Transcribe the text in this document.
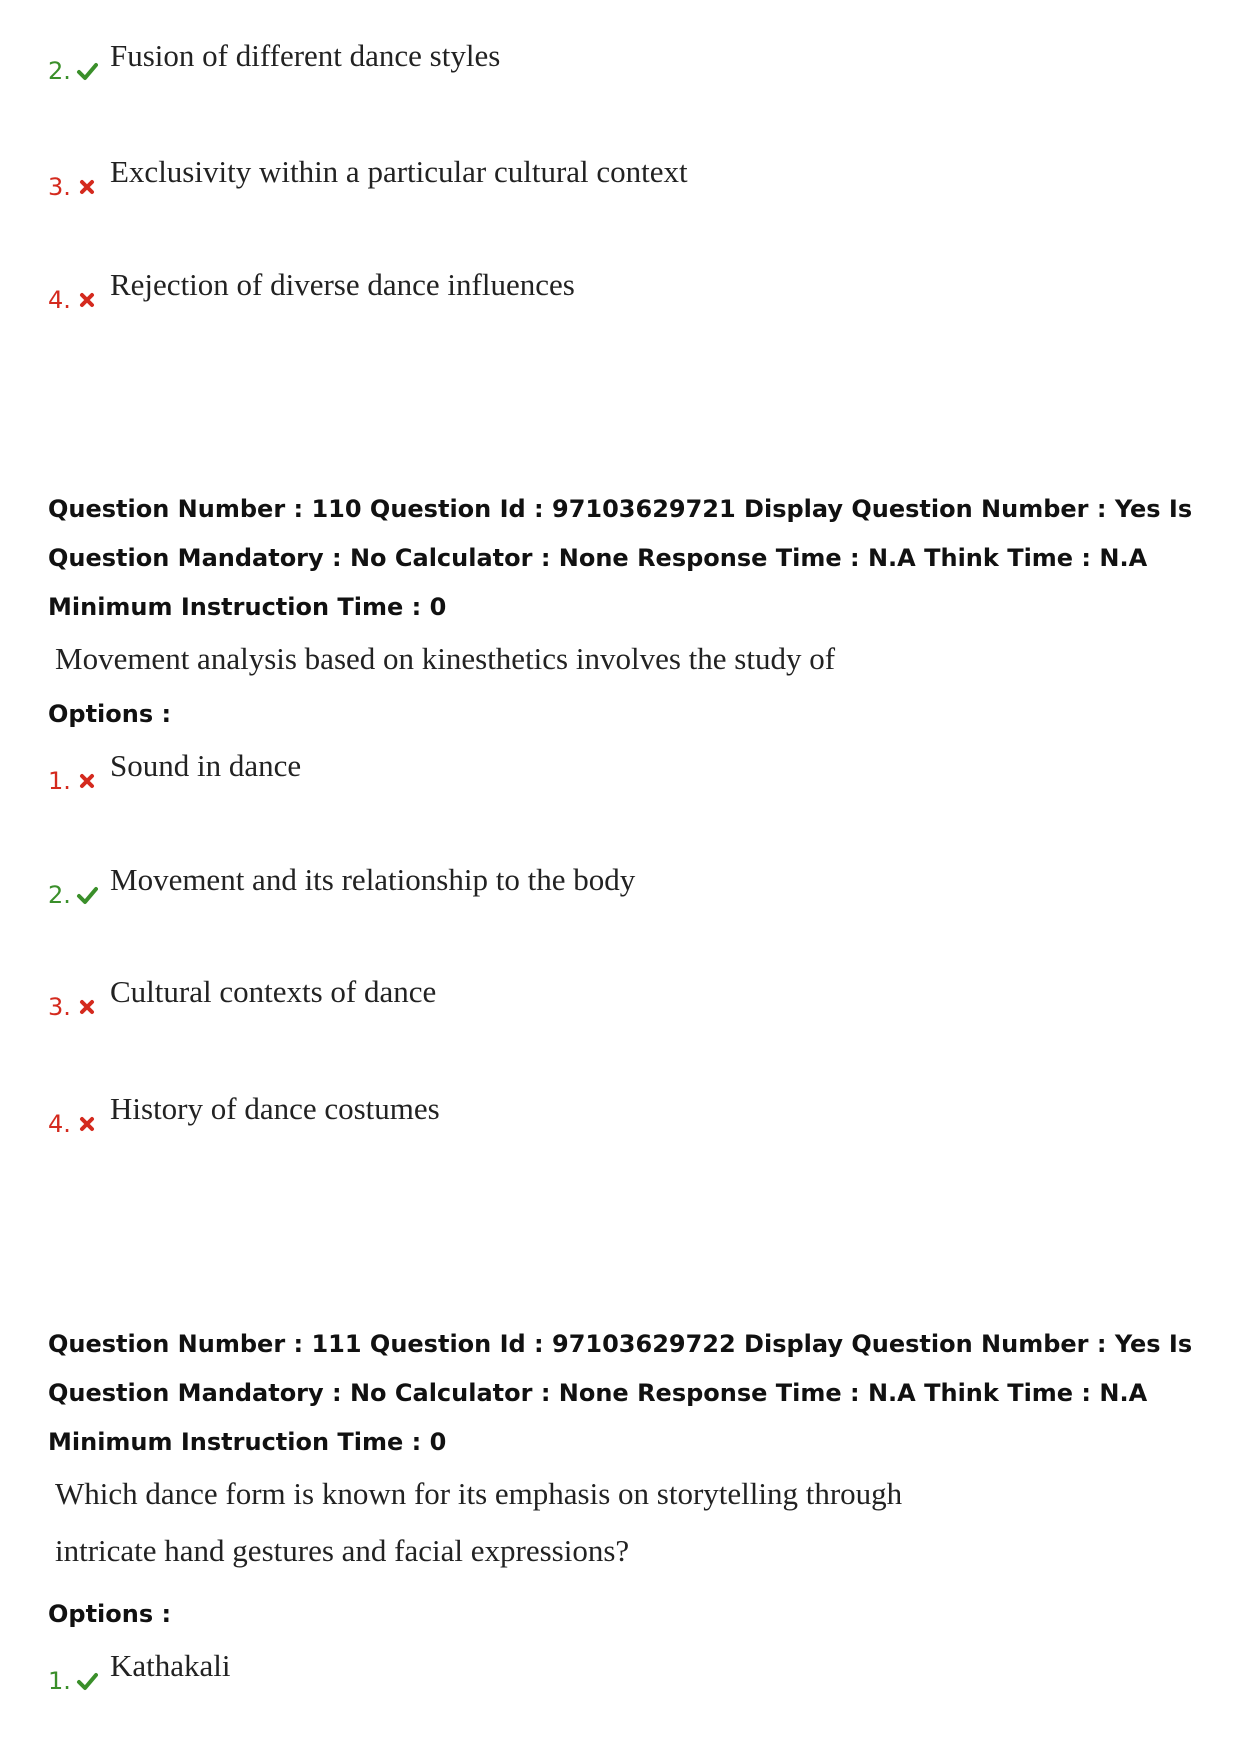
2. Fusion of different dance styles
3. Exclusivity within a particular cultural context
4. Rejection of diverse dance influences
Question Number : 110 Question Id : 97103629721 Display Question Number : Yes Is Question Mandatory : No Calculator : None Response Time : N.A Think Time : N.A Minimum Instruction Time : 0
Movement analysis based on kinesthetics involves the study of
Options :
1. Sound in dance
2. Movement and its relationship to the body
3. Cultural contexts of dance
4. History of dance costumes
Question Number : 111 Question Id : 97103629722 Display Question Number : Yes Is Question Mandatory : No Calculator : None Response Time : N.A Think Time : N.A Minimum Instruction Time : 0
Which dance form is known for its emphasis on storytelling through intricate hand gestures and facial expressions?
Options :
1. Kathakali
